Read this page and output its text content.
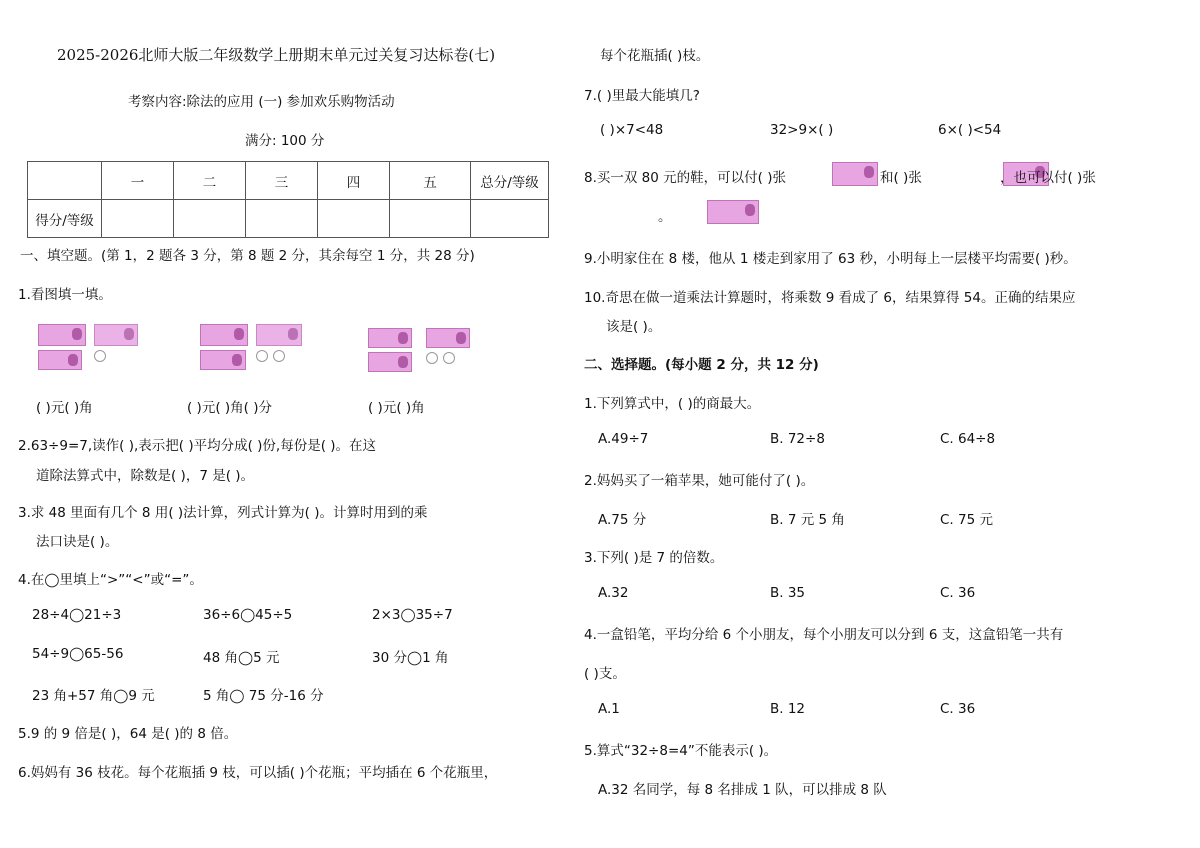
2025-2026北师大版二年级数学上册期末单元过关复习达标卷(七)
考察内容:除法的应用 (一) 参加欢乐购物活动
满分: 100 分
	一	二	三	四	五	总分/等级
得分/等级						
一、填空题。(第 1，2 题各 3 分，第 8 题 2 分，其余每空 1 分，共 28 分)
1.看图填一填。

( )元( )角	( )元( )角( )分	( )元( )角
2.63÷9=7,读作( ),表示把( )平均分成( )份,每份是( )。在这
道除法算式中，除数是( )，7 是( )。
3.求 48 里面有几个 8 用( )法计算，列式计算为( )。计算时用到的乘
法口诀是( )。
4.在◯里填上“>”“<”或“=”。
28÷4◯21÷3	36÷6◯45÷5	2×3◯35÷7
54÷9◯65-56	48 角◯5 元	30 分◯1 角
23 角+57 角◯9 元	5 角◯ 75 分-16 分
5.9 的 9 倍是( )，64 是( )的 8 倍。
6.妈妈有 36 枝花。每个花瓶插 9 枝，可以插( )个花瓶；平均插在 6 个花瓶里，
每个花瓶插( )枝。
7.( )里最大能填几?
( )×7<48	32>9×( )	6×( )<54
8.买一双 80 元的鞋，可以付( )张
	和( )张
	，也可以付( )张
。
9.小明家住在 8 楼，他从 1 楼走到家用了 63 秒，小明每上一层楼平均需要( )秒。
10.奇思在做一道乘法计算题时，将乘数 9 看成了 6，结果算得 54。正确的结果应
该是( )。
二、选择题。(每小题 2 分，共 12 分)
1.下列算式中，( )的商最大。
A.49÷7	B. 72÷8	C. 64÷8
2.妈妈买了一箱苹果，她可能付了( )。
A.75 分	B. 7 元 5 角	C. 75 元
3.下列( )是 7 的倍数。
A.32	B. 35	C. 36
4.一盒铅笔，平均分给 6 个小朋友，每个小朋友可以分到 6 支，这盒铅笔一共有
( )支。
A.1	B. 12	C. 36
5.算式“32÷8=4”不能表示( )。
A.32 名同学，每 8 名排成 1 队，可以排成 8 队
